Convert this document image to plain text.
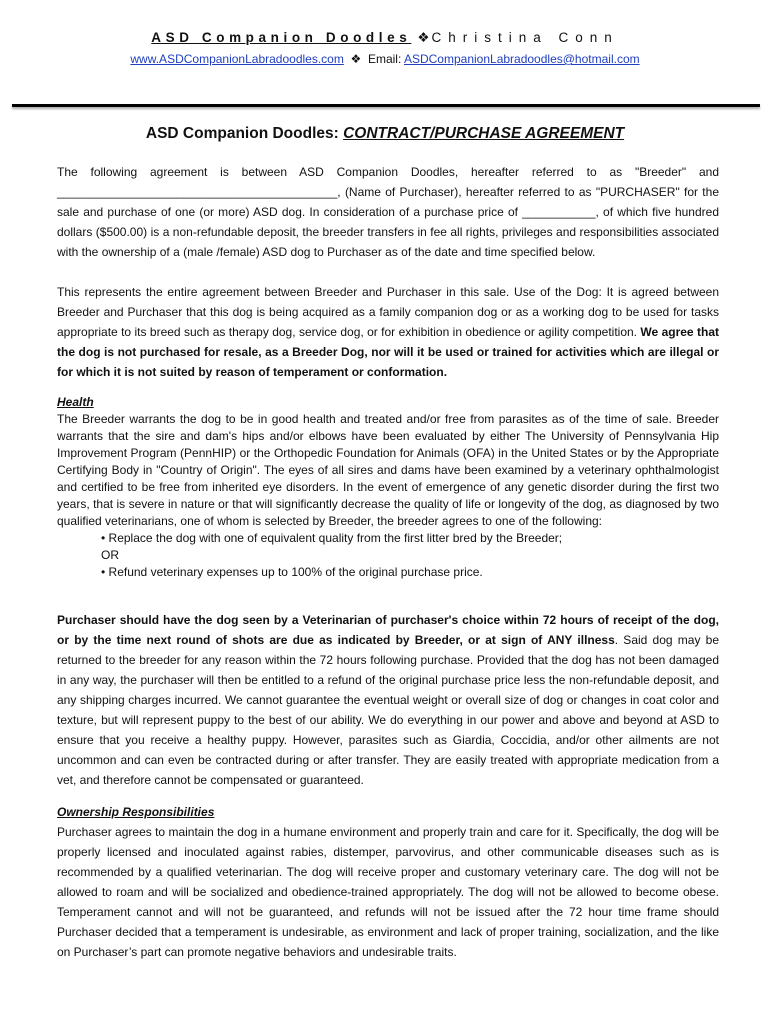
ASD Companion Doodles ❖ Christina Conn
www.ASDCompanionLabradoodles.com ❖ Email: ASDCompanionLabradoodles@hotmail.com
ASD Companion Doodles: CONTRACT/PURCHASE AGREEMENT

The following agreement is between ASD Companion Doodles, hereafter referred to as "Breeder" and __________________________________________, (Name of Purchaser), hereafter referred to as "PURCHASER" for the sale and purchase of one (or more) ASD dog. In consideration of a purchase price of ___________, of which five hundred dollars ($500.00) is a non-refundable deposit, the breeder transfers in fee all rights, privileges and responsibilities associated with the ownership of a (male /female) ASD dog to Purchaser as of the date and time specified below.

This represents the entire agreement between Breeder and Purchaser in this sale. Use of the Dog: It is agreed between Breeder and Purchaser that this dog is being acquired as a family companion dog or as a working dog to be used for tasks appropriate to its breed such as therapy dog, service dog, or for exhibition in obedience or agility competition. We agree that the dog is not purchased for resale, as a Breeder Dog, nor will it be used or trained for activities which are illegal or for which it is not suited by reason of temperament or conformation.

Health

The Breeder warrants the dog to be in good health and treated and/or free from parasites as of the time of sale. Breeder warrants that the sire and dam's hips and/or elbows have been evaluated by either The University of Pennsylvania Hip Improvement Program (PennHIP) or the Orthopedic Foundation for Animals (OFA) in the United States or by the Appropriate Certifying Body in "Country of Origin". The eyes of all sires and dams have been examined by a veterinary ophthalmologist and certified to be free from inherited eye disorders. In the event of emergence of any genetic disorder during the first two years, that is severe in nature or that will significantly decrease the quality of life or longevity of the dog, as diagnosed by two qualified veterinarians, one of whom is selected by Breeder, the breeder agrees to one of the following:

• Replace the dog with one of equivalent quality from the first litter bred by the Breeder;

OR

• Refund veterinary expenses up to 100% of the original purchase price.

Purchaser should have the dog seen by a Veterinarian of purchaser's choice within 72 hours of receipt of the dog, or by the time next round of shots are due as indicated by Breeder, or at sign of ANY illness. Said dog may be returned to the breeder for any reason within the 72 hours following purchase. Provided that the dog has not been damaged in any way, the purchaser will then be entitled to a refund of the original purchase price less the non-refundable deposit, and any shipping charges incurred. We cannot guarantee the eventual weight or overall size of dog or changes in coat color and texture, but will represent puppy to the best of our ability. We do everything in our power and above and beyond at ASD to ensure that you receive a healthy puppy. However, parasites such as Giardia, Coccidia, and/or other ailments are not uncommon and can even be contracted during or after transfer. They are easily treated with appropriate medication from a vet, and therefore cannot be compensated or guaranteed.

Ownership Responsibilities

Purchaser agrees to maintain the dog in a humane environment and properly train and care for it. Specifically, the dog will be properly licensed and inoculated against rabies, distemper, parvovirus, and other communicable diseases such as is recommended by a qualified veterinarian. The dog will receive proper and customary veterinary care. The dog will not be allowed to roam and will be socialized and obedience-trained appropriately. The dog will not be allowed to become obese. Temperament cannot and will not be guaranteed, and refunds will not be issued after the 72 hour time frame should Purchaser decided that a temperament is undesirable, as environment and lack of proper training, socialization, and the like on Purchaser’s part can promote negative behaviors and undesirable traits.
